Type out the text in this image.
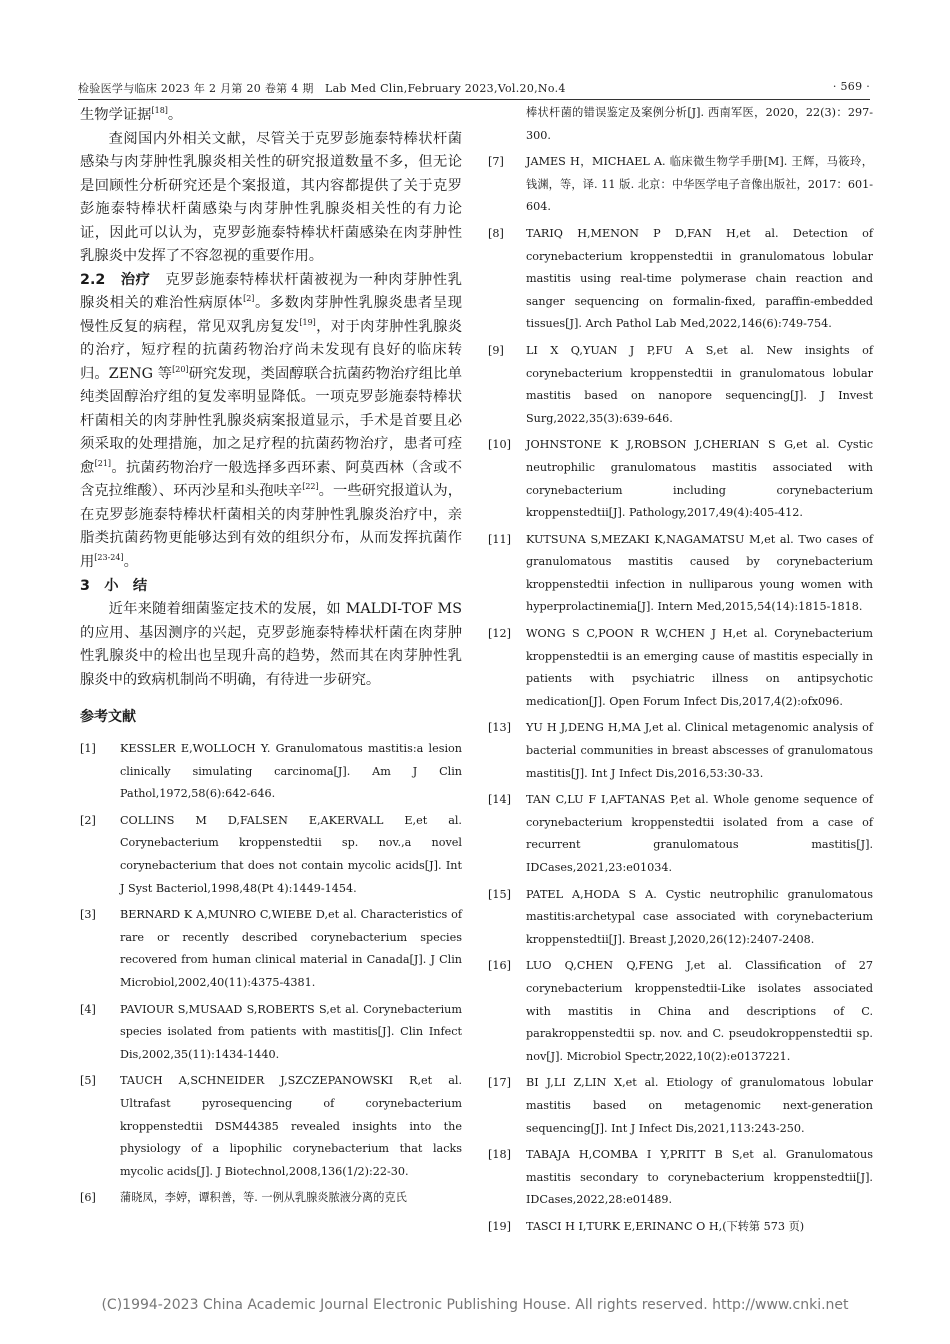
检验医学与临床 2023 年 2 月第 20 卷第 4 期　Lab Med Clin,February 2023,Vol.20,No.4	· 569 ·

生物学证据[18]。

查阅国内外相关文献，尽管关于克罗彭施泰特棒状杆菌感染与肉芽肿性乳腺炎相关性的研究报道数量不多，但无论是回顾性分析研究还是个案报道，其内容都提供了关于克罗彭施泰特棒状杆菌感染与肉芽肿性乳腺炎相关性的有力论证，因此可以认为，克罗彭施泰特棒状杆菌感染在肉芽肿性乳腺炎中发挥了不容忽视的重要作用。

2.2　 治疗　 克罗彭施泰特棒状杆菌被视为一种肉芽肿性乳腺炎相关的难治性病原体[2]。多数肉芽肿性乳腺炎患者呈现慢性反复的病程，常见双乳房复发[19]，对于肉芽肿性乳腺炎的治疗，短疗程的抗菌药物治疗尚未发现有良好的临床转归。ZENG 等[20]研究发现，类固醇联合抗菌药物治疗组比单纯类固醇治疗组的复发率明显降低。一项克罗彭施泰特棒状杆菌相关的肉芽肿性乳腺炎病案报道显示，手术是首要且必须采取的处理措施，加之足疗程的抗菌药物治疗，患者可痊愈[21]。抗菌药物治疗一般选择多西环素、阿莫西林（含或不含克拉维酸）、环丙沙星和头孢呋辛[22]。一些研究报道认为，在克罗彭施泰特棒状杆菌相关的肉芽肿性乳腺炎治疗中，亲脂类抗菌药物更能够达到有效的组织分布，从而发挥抗菌作用[23-24]。

3　小　结

近年来随着细菌鉴定技术的发展，如 MALDI-TOF MS 的应用、基因测序的兴起，克罗彭施泰特棒状杆菌在肉芽肿性乳腺炎中的检出也呈现升高的趋势，然而其在肉芽肿性乳腺炎中的致病机制尚不明确，有待进一步研究。

参考文献

[1] KESSLER E,WOLLOCH Y. Granulomatous mastitis:a lesion clinically simulating carcinoma[J]. Am J Clin Pathol,1972,58(6):642-646.

[2] COLLINS M D,FALSEN E,AKERVALL E,et al. Corynebacterium kroppenstedtii sp. nov.,a novel corynebacterium that does not contain mycolic acids[J]. Int J Syst Bacteriol,1998,48(Pt 4):1449-1454.

[3] BERNARD K A,MUNRO C,WIEBE D,et al. Characteristics of rare or recently described corynebacterium species recovered from human clinical material in Canada[J]. J Clin Microbiol,2002,40(11):4375-4381.

[4] PAVIOUR S,MUSAAD S,ROBERTS S,et al. Corynebacterium species isolated from patients with mastitis[J]. Clin Infect Dis,2002,35(11):1434-1440.

[5] TAUCH A,SCHNEIDER J,SZCZEPANOWSKI R,et al. Ultrafast pyrosequencing of corynebacterium kroppenstedtii DSM44385 revealed insights into the physiology of a lipophilic corynebacterium that lacks mycolic acids[J]. J Biotechnol,2008,136(1/2):22-30.

[6] 蒲晓凤，李婷，谭积善，等. 一例从乳腺炎脓液分离的克氏

棒状杆菌的错误鉴定及案例分析[J]. 西南军医，2020，22(3)：297-300.

[7] JAMES H，MICHAEL A. 临床微生物学手册[M]. 王辉，马筱玲，钱渊，等，译. 11 版. 北京：中华医学电子音像出版社，2017：601-604.

[8] TARIQ H,MENON P D,FAN H,et al. Detection of corynebacterium kroppenstedtii in granulomatous lobular mastitis using real-time polymerase chain reaction and sanger sequencing on formalin-fixed, paraffin-embedded tissues[J]. Arch Pathol Lab Med,2022,146(6):749-754.

[9] LI X Q,YUAN J P,FU A S,et al. New insights of corynebacterium kroppenstedtii in granulomatous lobular mastitis based on nanopore sequencing[J]. J Invest Surg,2022,35(3):639-646.

[10] JOHNSTONE K J,ROBSON J,CHERIAN S G,et al. Cystic neutrophilic granulomatous mastitis associated with corynebacterium including corynebacterium kroppenstedtii[J]. Pathology,2017,49(4):405-412.

[11] KUTSUNA S,MEZAKI K,NAGAMATSU M,et al. Two cases of granulomatous mastitis caused by corynebacterium kroppenstedtii infection in nulliparous young women with hyperprolactinemia[J]. Intern Med,2015,54(14):1815-1818.

[12] WONG S C,POON R W,CHEN J H,et al. Corynebacterium kroppenstedtii is an emerging cause of mastitis especially in patients with psychiatric illness on antipsychotic medication[J]. Open Forum Infect Dis,2017,4(2):ofx096.

[13] YU H J,DENG H,MA J,et al. Clinical metagenomic analysis of bacterial communities in breast abscesses of granulomatous mastitis[J]. Int J Infect Dis,2016,53:30-33.

[14] TAN C,LU F I,AFTANAS P,et al. Whole genome sequence of corynebacterium kroppenstedtii isolated from a case of recurrent granulomatous mastitis[J]. IDCases,2021,23:e01034.

[15] PATEL A,HODA S A. Cystic neutrophilic granulomatous mastitis:archetypal case associated with corynebacterium kroppenstedtii[J]. Breast J,2020,26(12):2407-2408.

[16] LUO Q,CHEN Q,FENG J,et al. Classification of 27 corynebacterium kroppenstedtii-Like isolates associated with mastitis in China and descriptions of C. parakroppenstedtii sp. nov. and C. pseudokroppenstedtii sp. nov[J]. Microbiol Spectr,2022,10(2):e0137221.

[17] BI J,LI Z,LIN X,et al. Etiology of granulomatous lobular mastitis based on metagenomic next-generation sequencing[J]. Int J Infect Dis,2021,113:243-250.

[18] TABAJA H,COMBA I Y,PRITT B S,et al. Granulomatous mastitis secondary to corynebacterium kroppenstedtii[J]. IDCases,2022,28:e01489.

[19] TASCI H I,TURK E,ERINANC O H,(下转第 573 页)

(C)1994-2023 China Academic Journal Electronic Publishing House. All rights reserved. http://www.cnki.net
